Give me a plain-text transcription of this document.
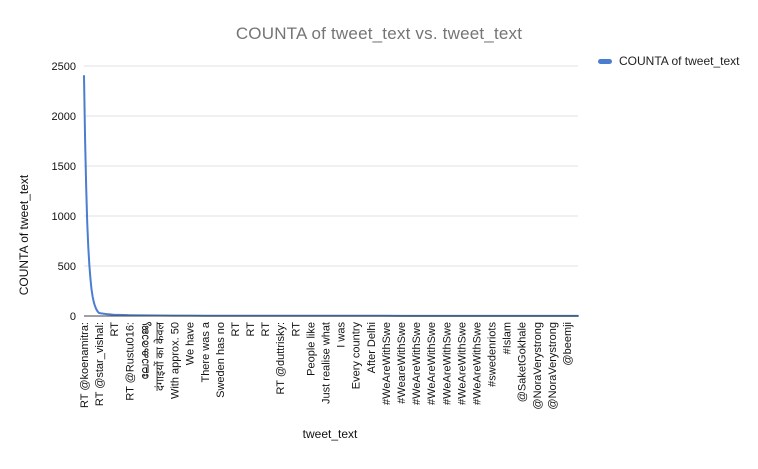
COUNTA of tweet_text vs. tweet_text
COUNTA of tweet_text
0
500
1000
1500
2000
2500
RT @koenamitra: RT @star_vishal: RT RT @Rustu016: ലോകരാജ്യ दंगाइयों का केवल With approx. 50 We have There was a Sweden has no RT RT RT RT @duttrisky: RT People like Just realise what I was Every country After Delhi #WeAreWithSwe #WeareWithSwe #WeAreWithSwe #WeAreWithSwe #WeAreWithSwe #WeAreWithSwe #WeAreWithSwe #swedenriots #Islam @SaketGokhale @NoraVerystrong @NoraVerystrong @beemji
COUNTA of tweet_text
tweet_text
